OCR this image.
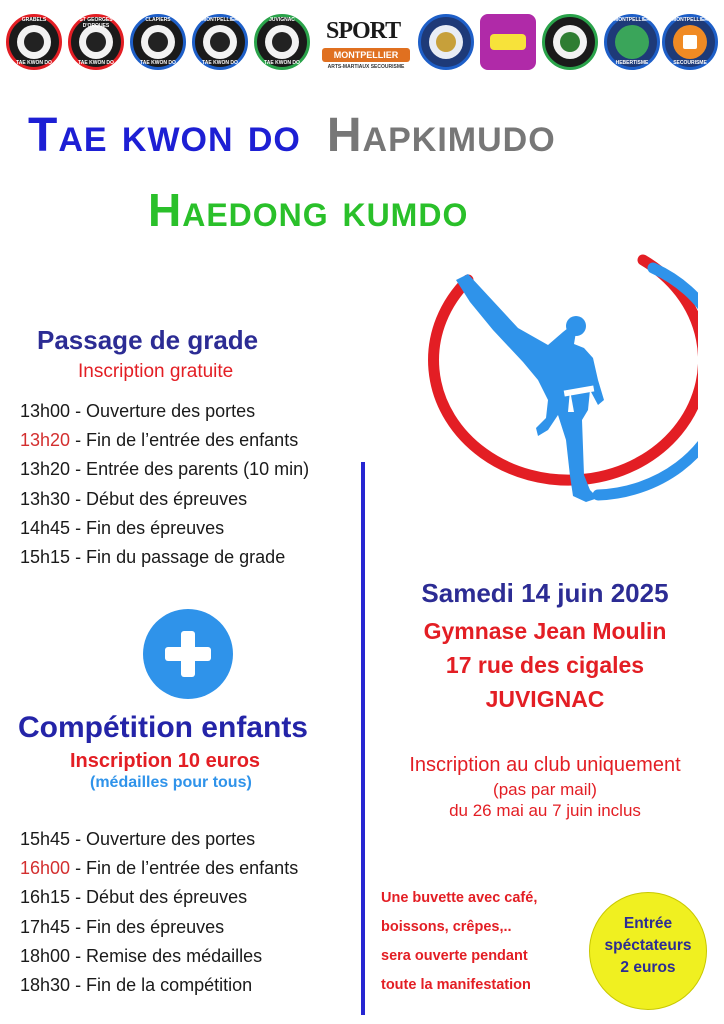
GRABELS
TAE KWON DO
ST GEORGES D'ORQUES
TAE KWON DO
CLAPIERS
TAE KWON DO
MONTPELLIER
TAE KWON DO
JUVIGNAC
TAE KWON DO
SPORT
MONTPELLIER
ARTS-MARTIAUX SECOURISME
MONTPELLIER
HEBERTISME
MONTPELLIER
SECOURISME
Tae kwon do Hapkimudo
Haedong kumdo
Passage de grade
Inscription gratuite
13h00 - Ouverture des portes
13h20 - Fin de l’entrée des enfants
13h20 - Entrée des parents (10 min)
13h30 - Début des épreuves
14h45 - Fin des épreuves
15h15 - Fin du passage de grade
Compétition enfants
Inscription 10 euros
(médailles pour tous)
15h45 - Ouverture des portes
16h00 - Fin de l’entrée des enfants
16h15 - Début des épreuves
17h45 - Fin des épreuves
18h00 - Remise des médailles
18h30 - Fin de la compétition
Samedi 14 juin 2025
Gymnase Jean Moulin
17 rue des cigales
JUVIGNAC
Inscription au club uniquement
(pas par mail)
du 26 mai au 7 juin inclus
Une buvette avec café,
boissons, crêpes,..
sera ouverte pendant
toute la manifestation
Entrée
spéctateurs
2 euros
